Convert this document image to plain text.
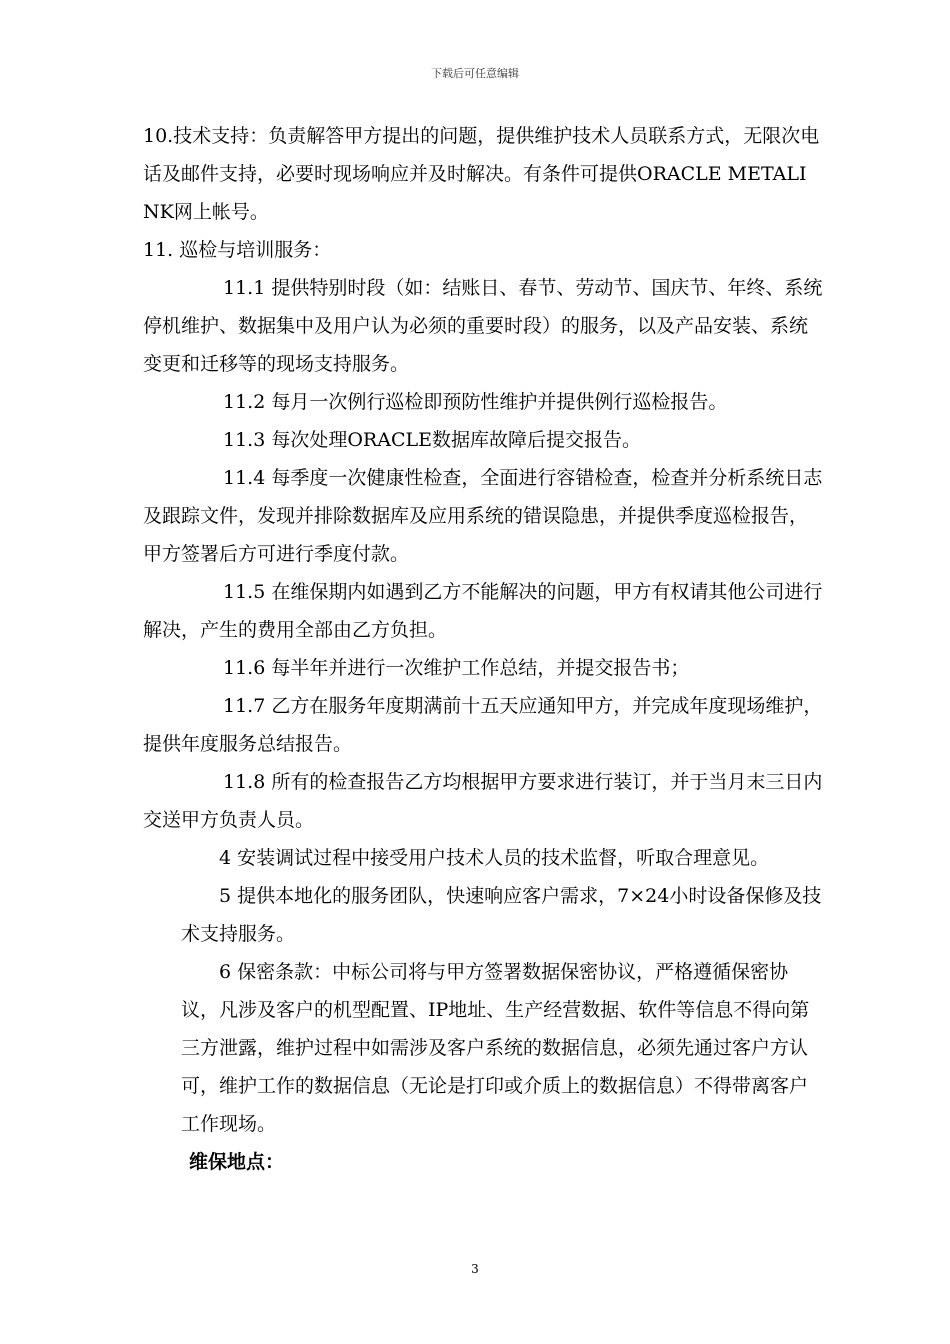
下载后可任意编辑

10.技术支持：负责解答甲方提出的问题，提供维护技术人员联系方式，无限次电话及邮件支持，必要时现场响应并及时解决。有条件可提供ORACLE METALINK网上帐号。

11. 巡检与培训服务：

11.1 提供特别时段（如：结账日、春节、劳动节、国庆节、年终、系统停机维护、数据集中及用户认为必须的重要时段）的服务，以及产品安装、系统变更和迁移等的现场支持服务。

11.2 每月一次例行巡检即预防性维护并提供例行巡检报告。

11.3 每次处理ORACLE数据库故障后提交报告。

11.4 每季度一次健康性检查，全面进行容错检查，检查并分析系统日志及跟踪文件，发现并排除数据库及应用系统的错误隐患，并提供季度巡检报告，甲方签署后方可进行季度付款。

11.5 在维保期内如遇到乙方不能解决的问题，甲方有权请其他公司进行解决，产生的费用全部由乙方负担。

11.6 每半年并进行一次维护工作总结，并提交报告书；

11.7 乙方在服务年度期满前十五天应通知甲方，并完成年度现场维护，提供年度服务总结报告。

11.8 所有的检查报告乙方均根据甲方要求进行装订，并于当月末三日内交送甲方负责人员。

4 安装调试过程中接受用户技术人员的技术监督，听取合理意见。

5 提供本地化的服务团队，快速响应客户需求，7×24小时设备保修及技术支持服务。

6 保密条款：中标公司将与甲方签署数据保密协议，严格遵循保密协议，凡涉及客户的机型配置、IP地址、生产经营数据、软件等信息不得向第三方泄露，维护过程中如需涉及客户系统的数据信息，必须先通过客户方认可，维护工作的数据信息（无论是打印或介质上的数据信息）不得带离客户工作现场。

维保地点：

3
